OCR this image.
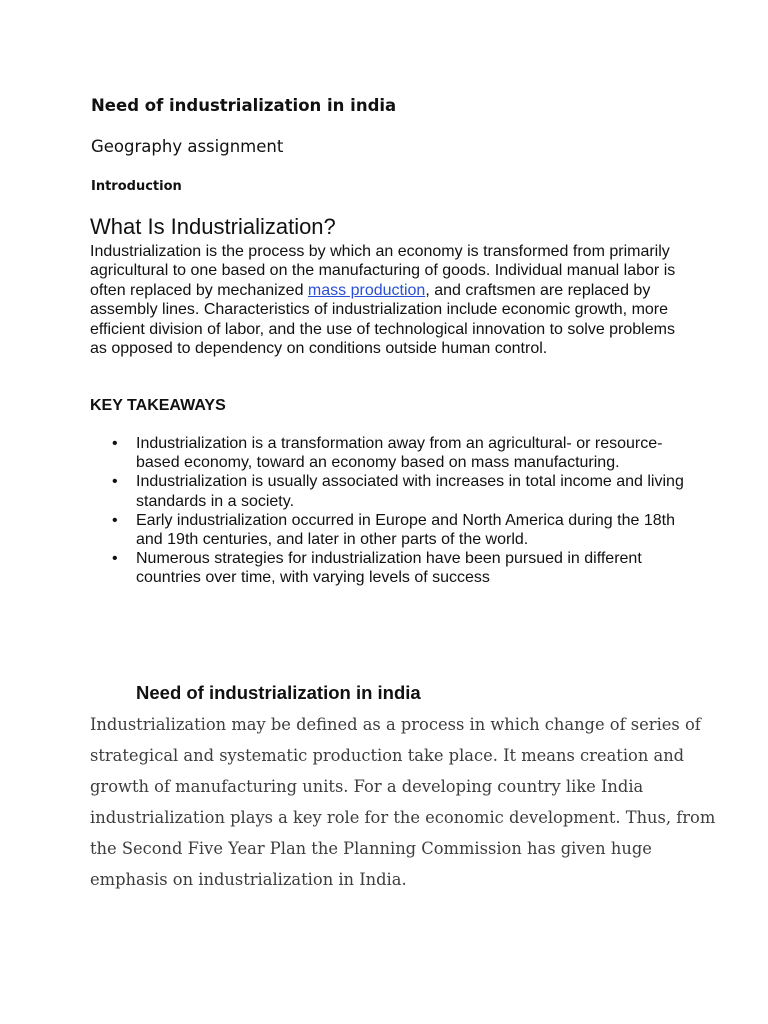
Need of industrialization in india

Geography assignment

Introduction

What Is Industrialization?

Industrialization is the process by which an economy is transformed from primarily agricultural to one based on the manufacturing of goods. Individual manual labor is often replaced by mechanized mass production, and craftsmen are replaced by assembly lines. Characteristics of industrialization include economic growth, more efficient division of labor, and the use of technological innovation to solve problems as opposed to dependency on conditions outside human control.

KEY TAKEAWAYS
• Industrialization is a transformation away from an agricultural- or resource-based economy, toward an economy based on mass manufacturing.
• Industrialization is usually associated with increases in total income and living standards in a society.
• Early industrialization occurred in Europe and North America during the 18th and 19th centuries, and later in other parts of the world.
• Numerous strategies for industrialization have been pursued in different countries over time, with varying levels of success
Need of industrialization in india

Industrialization may be defined as a process in which change of series of strategical and systematic production take place. It means creation and growth of manufacturing units. For a developing country like India industrialization plays a key role for the economic development. Thus, from the Second Five Year Plan the Planning Commission has given huge emphasis on industrialization in India.
